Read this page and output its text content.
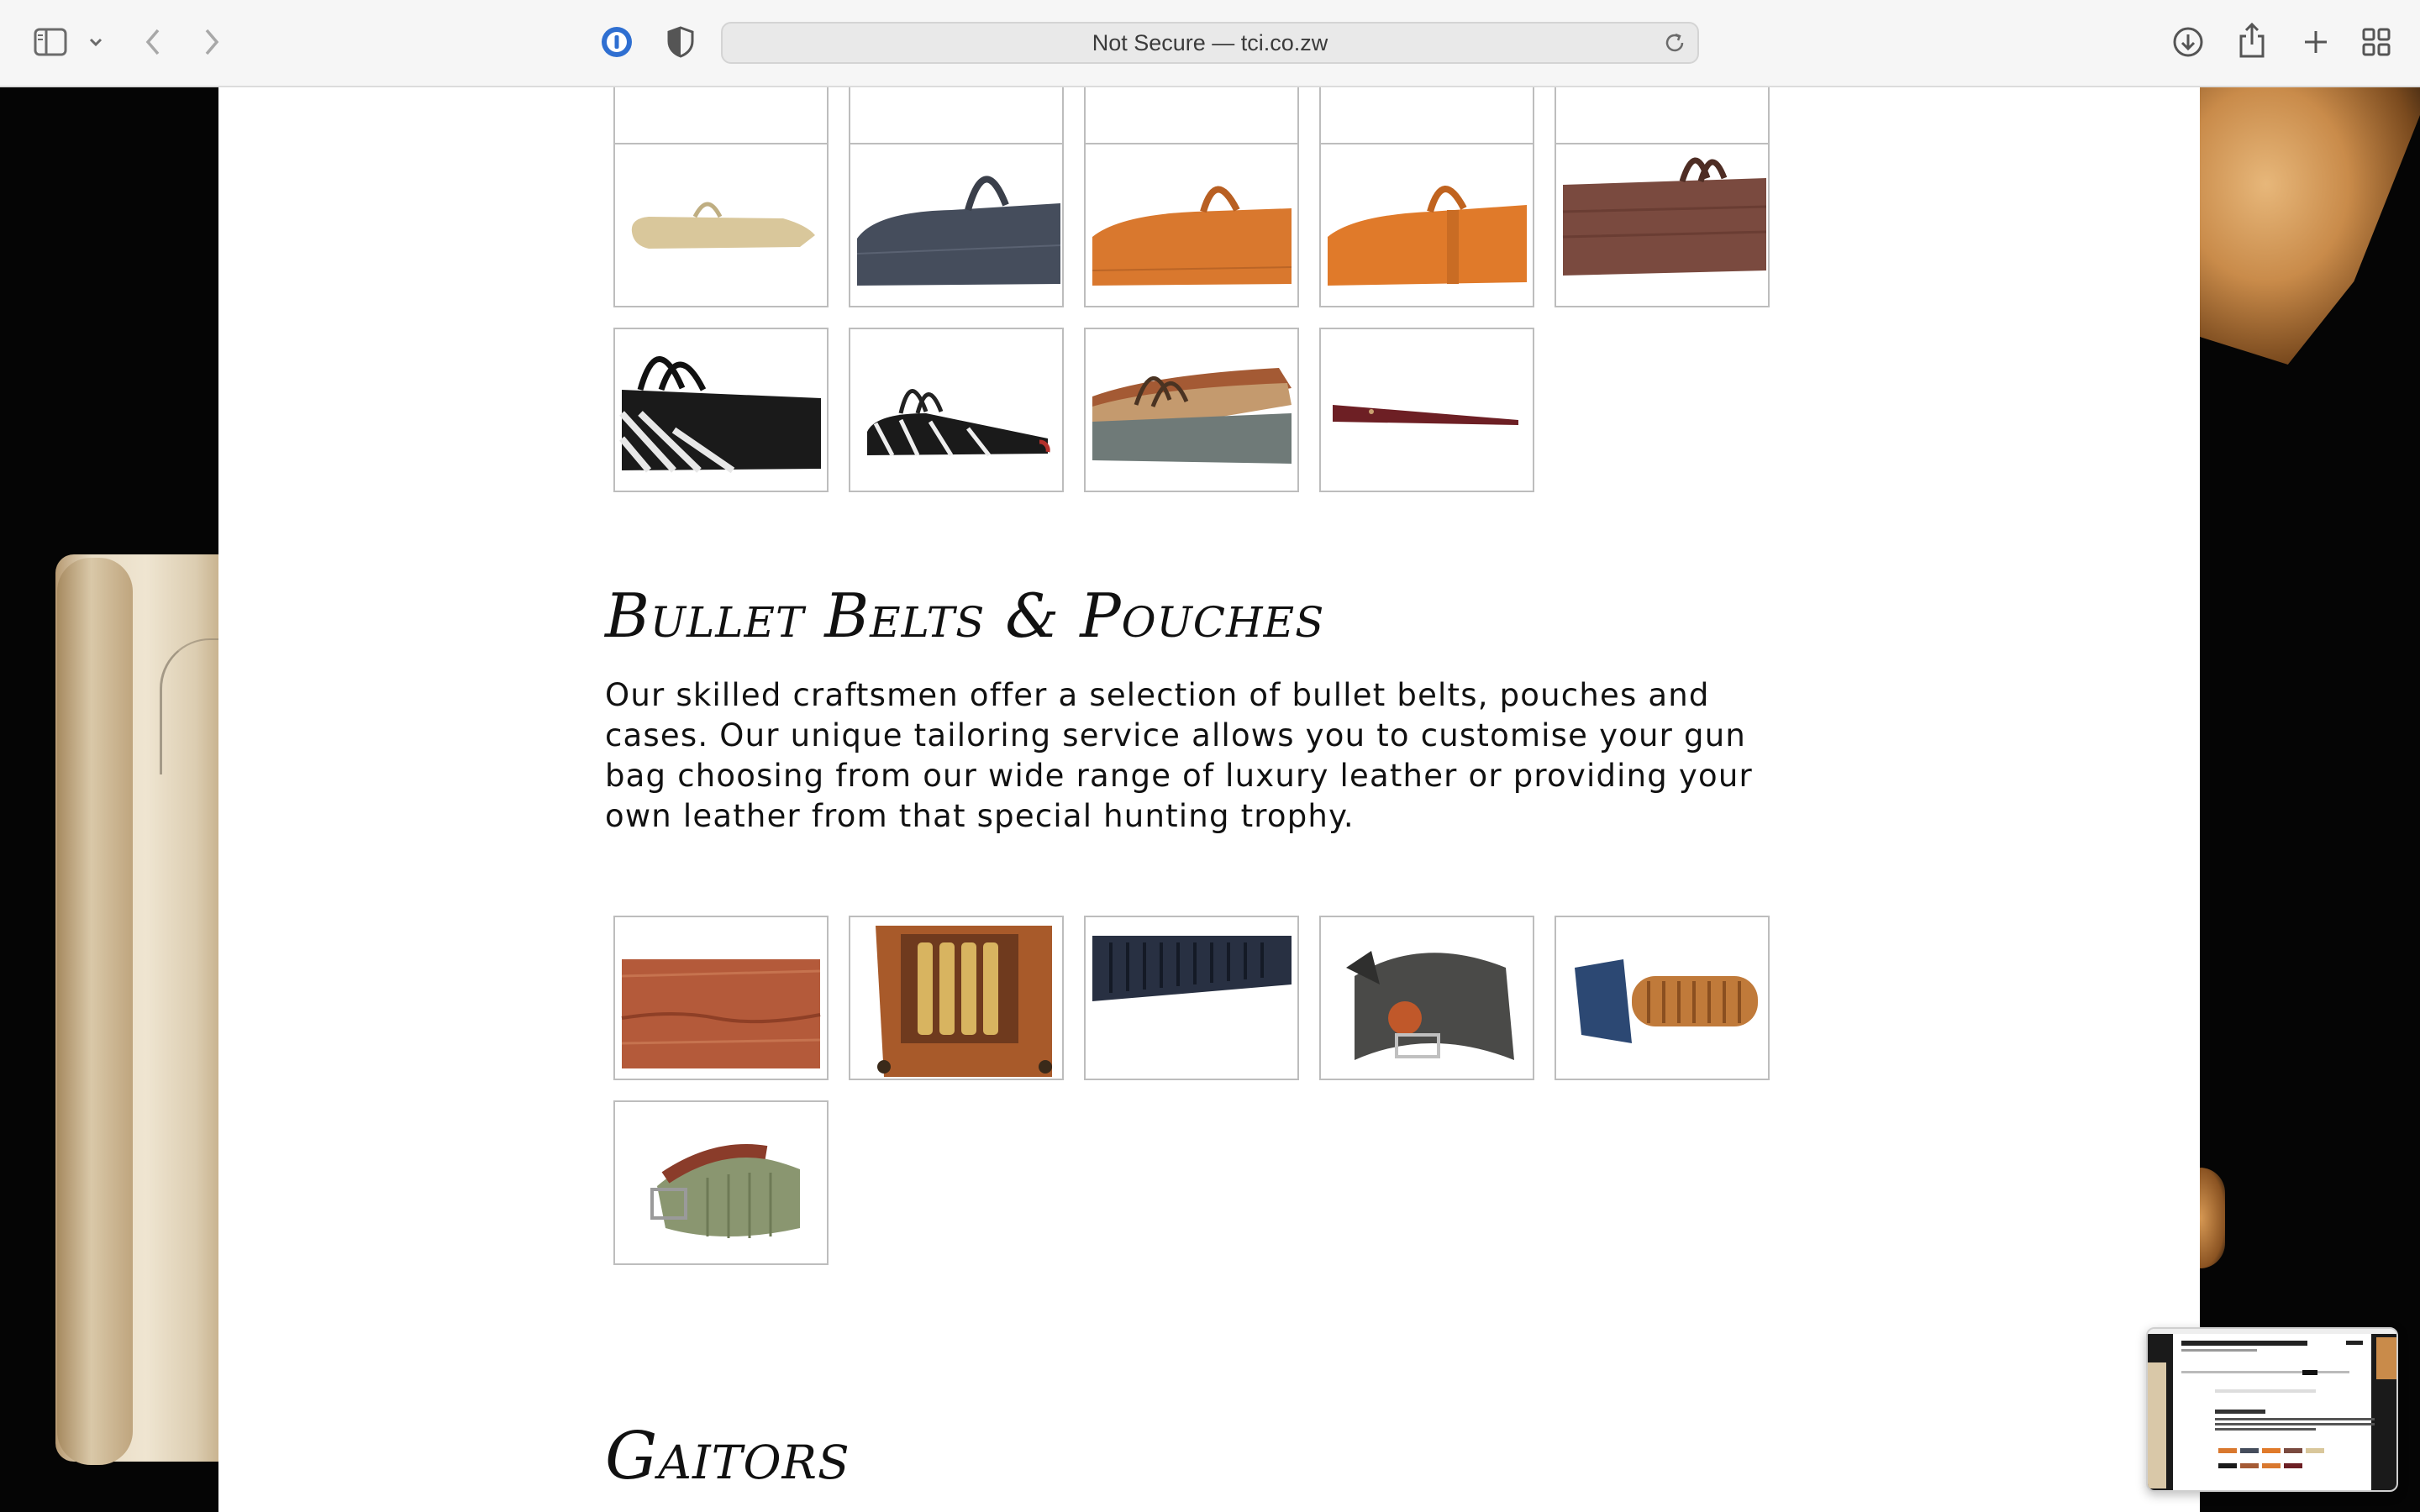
Not Secure — tci.co.zw
Bullet Belts & Pouches

Our skilled craftsmen offer a selection of bullet belts, pouches and cases. Our unique tailoring service allows you to customise your gun bag choosing from our wide range of luxury leather or providing your own leather from that special hunting trophy.

Gaitors
